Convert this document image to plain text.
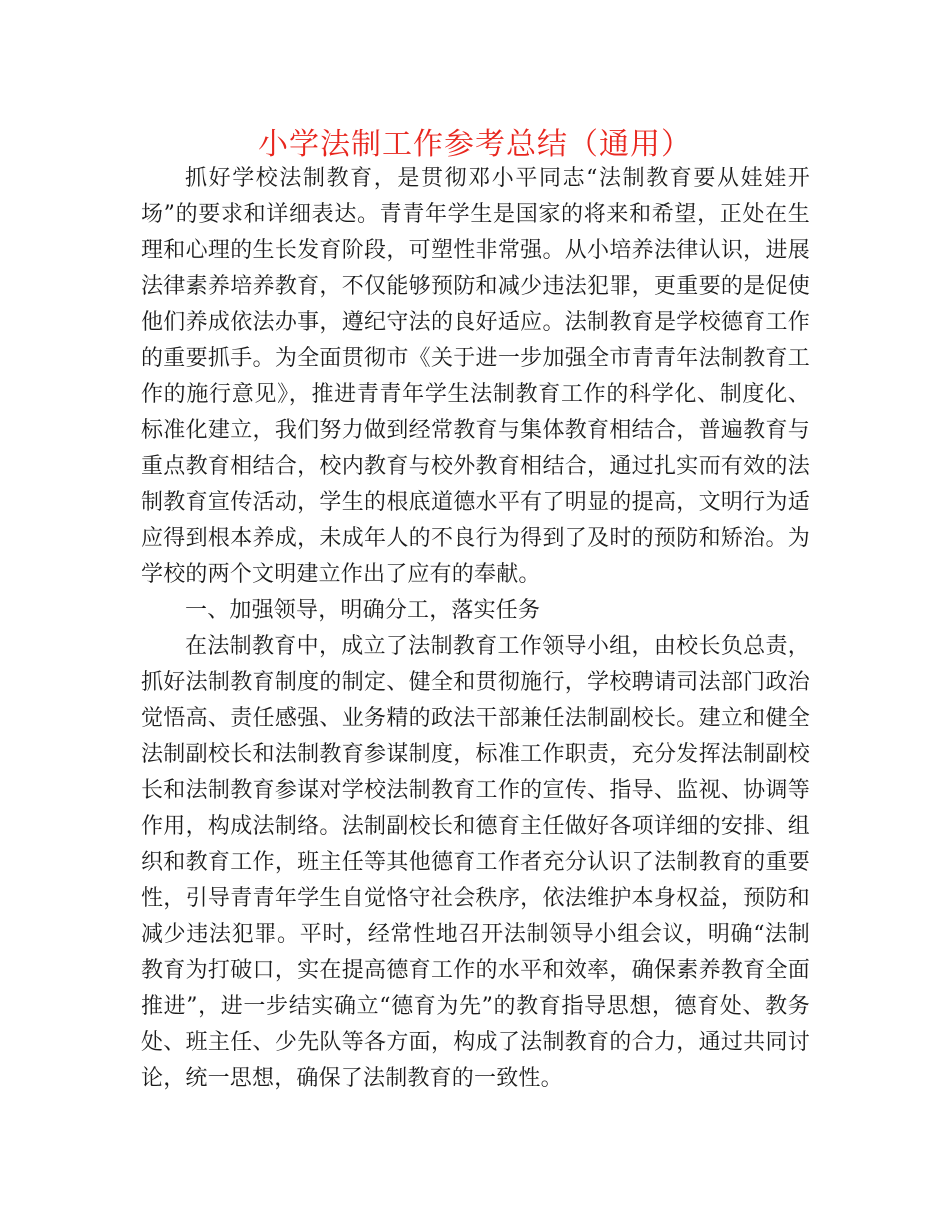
小学法制工作参考总结（通用）

抓好学校法制教育，是贯彻邓小平同志“法制教育要从娃娃开场”的要求和详细表达。青青年学生是国家的将来和希望，正处在生理和心理的生长发育阶段，可塑性非常强。从小培养法律认识，进展法律素养培养教育，不仅能够预防和减少违法犯罪，更重要的是促使他们养成依法办事，遵纪守法的良好适应。法制教育是学校德育工作的重要抓手。为全面贯彻市《关于进一步加强全市青青年法制教育工作的施行意见》，推进青青年学生法制教育工作的科学化、制度化、标准化建立，我们努力做到经常教育与集体教育相结合，普遍教育与重点教育相结合，校内教育与校外教育相结合，通过扎实而有效的法制教育宣传活动，学生的根底道德水平有了明显的提高，文明行为适应得到根本养成，未成年人的不良行为得到了及时的预防和矫治。为学校的两个文明建立作出了应有的奉献。

一、加强领导，明确分工，落实任务

在法制教育中，成立了法制教育工作领导小组，由校长负总责，抓好法制教育制度的制定、健全和贯彻施行，学校聘请司法部门政治觉悟高、责任感强、业务精的政法干部兼任法制副校长。建立和健全法制副校长和法制教育参谋制度，标准工作职责，充分发挥法制副校长和法制教育参谋对学校法制教育工作的宣传、指导、监视、协调等作用，构成法制络。法制副校长和德育主任做好各项详细的安排、组织和教育工作，班主任等其他德育工作者充分认识了法制教育的重要性，引导青青年学生自觉恪守社会秩序，依法维护本身权益，预防和减少违法犯罪。平时，经常性地召开法制领导小组会议，明确“法制教育为打破口，实在提高德育工作的水平和效率，确保素养教育全面推进”，进一步结实确立“德育为先”的教育指导思想，德育处、教务处、班主任、少先队等各方面，构成了法制教育的合力，通过共同讨论，统一思想，确保了法制教育的一致性。
